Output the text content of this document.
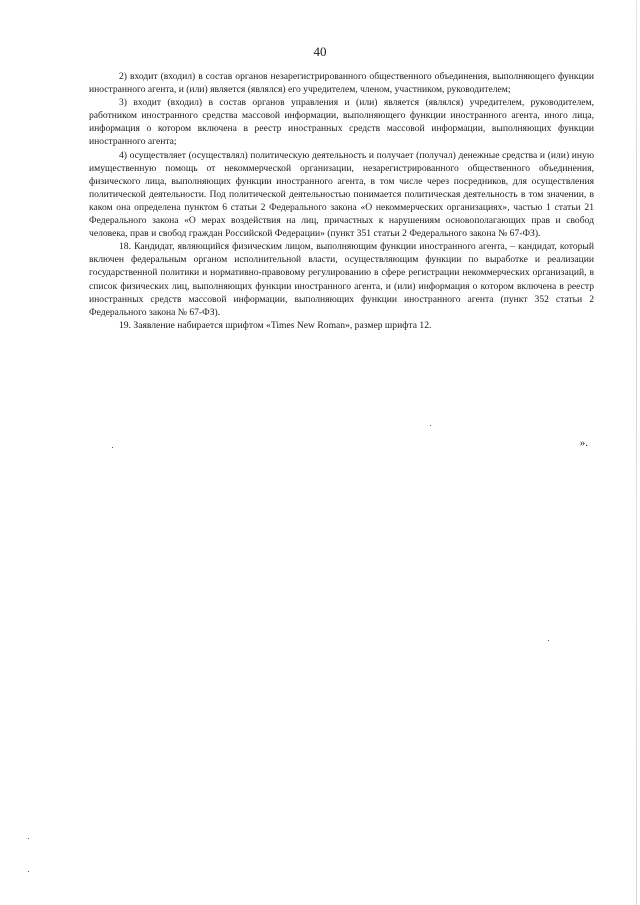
40

2) входит (входил) в состав органов незарегистрированного общественного объединения, выполняющего функции иностранного агента, и (или) является (являлся) его учредителем, членом, участником, руководителем;

3) входит (входил) в состав органов управления и (или) является (являлся) учредителем, руководителем, работником иностранного средства массовой информации, выполняющего функции иностранного агента, иного лица, информация о котором включена в реестр иностранных средств массовой информации, выполняющих функции иностранного агента;

4) осуществляет (осуществлял) политическую деятельность и получает (получал) денежные средства и (или) иную имущественную помощь от некоммерческой организации, незарегистрированного общественного объединения, физического лица, выполняющих функции иностранного агента, в том числе через посредников, для осуществления политической деятельности. Под политической деятельностью понимается политическая деятельность в том значении, в каком она определена пунктом 6 статьи 2 Федерального закона «О некоммерческих организациях», частью 1 статьи 21 Федерального закона «О мерах воздействия на лиц, причастных к нарушениям основополагающих прав и свобод человека, прав и свобод граждан Российской Федерации» (пункт 351 статьи 2 Федерального закона № 67-ФЗ).

18. Кандидат, являющийся физическим лицом, выполняющим функции иностранного агента, – кандидат, который включен федеральным органом исполнительной власти, осуществляющим функции по выработке и реализации государственной политики и нормативно-правовому регулированию в сфере регистрации некоммерческих организаций, в список физических лиц, выполняющих функции иностранного агента, и (или) информация о котором включена в реестр иностранных средств массовой информации, выполняющих функции иностранного агента (пункт 352 статьи 2 Федерального закона № 67-ФЗ).

19. Заявление набирается шрифтом «Times New Roman», размер шрифта 12.

».
